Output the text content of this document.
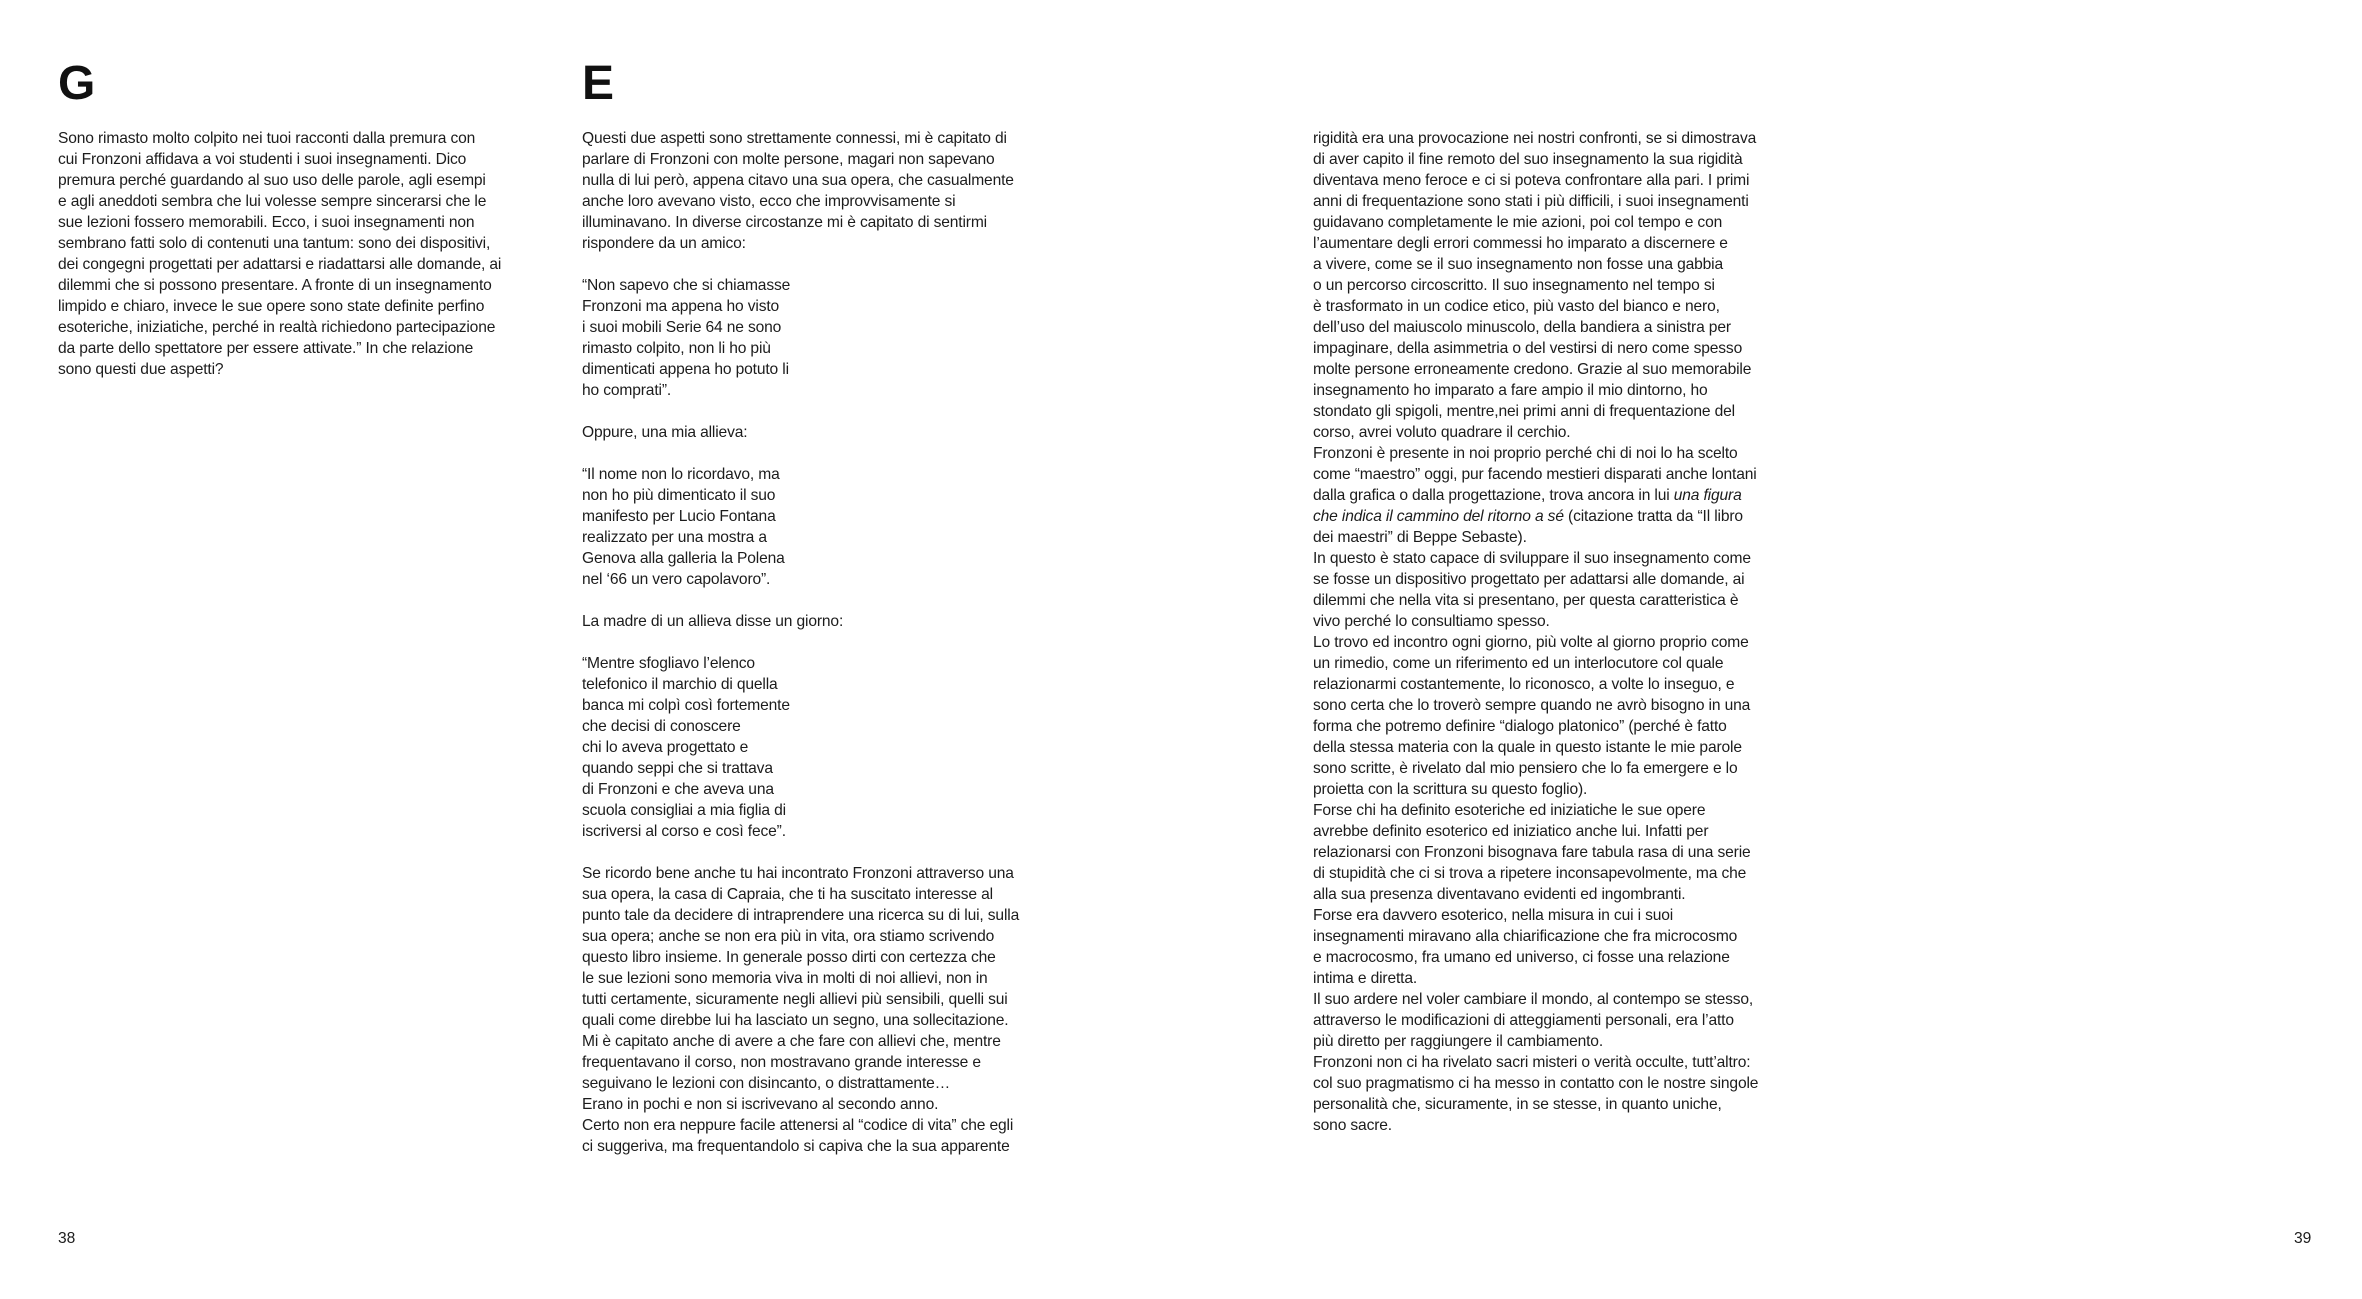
G

Sono rimasto molto colpito nei tuoi racconti dalla premura con

cui Fronzoni affidava a voi studenti i suoi insegnamenti. Dico

premura perché guardando al suo uso delle parole, agli esempi

e agli aneddoti sembra che lui volesse sempre sincerarsi che le

sue lezioni fossero memorabili. Ecco, i suoi insegnamenti non

sembrano fatti solo di contenuti una tantum: sono dei dispositivi,

dei congegni progettati per adattarsi e riadattarsi alle domande, ai

dilemmi che si possono presentare. A fronte di un insegnamento

limpido e chiaro, invece le sue opere sono state definite perfino

esoteriche, iniziatiche, perché in realtà richiedono partecipazione

da parte dello spettatore per essere attivate.” In che relazione

sono questi due aspetti?

38
E

Questi due aspetti sono strettamente connessi, mi è capitato di

parlare di Fronzoni con molte persone, magari non sapevano

nulla di lui però, appena citavo una sua opera, che casualmente

anche loro avevano visto, ecco che improvvisamente si

illuminavano. In diverse circostanze mi è capitato di sentirmi

rispondere da un amico:

“Non sapevo che si chiamasse

Fronzoni ma appena ho visto

i suoi mobili Serie 64 ne sono

rimasto colpito, non li ho più

dimenticati appena ho potuto li

ho comprati”.

Oppure, una mia allieva:

“Il nome non lo ricordavo, ma

non ho più dimenticato il suo

manifesto per Lucio Fontana

realizzato per una mostra a

Genova alla galleria la Polena

nel ‘66 un vero capolavoro”.

La madre di un allieva disse un giorno:

“Mentre sfogliavo l’elenco

telefonico il marchio di quella

banca mi colpì così fortemente

che decisi di conoscere

chi lo aveva progettato e

quando seppi che si trattava

di Fronzoni e che aveva una

scuola consigliai a mia figlia di

iscriversi al corso e così fece”.

Se ricordo bene anche tu hai incontrato Fronzoni attraverso una

sua opera, la casa di Capraia, che ti ha suscitato interesse al

punto tale da decidere di intraprendere una ricerca su di lui, sulla

sua opera; anche se non era più in vita, ora stiamo scrivendo

questo libro insieme. In generale posso dirti con certezza che

le sue lezioni sono memoria viva in molti di noi allievi, non in

tutti certamente, sicuramente negli allievi più sensibili, quelli sui

quali come direbbe lui ha lasciato un segno, una sollecitazione.

Mi è capitato anche di avere a che fare con allievi che, mentre

frequentavano il corso, non mostravano grande interesse e

seguivano le lezioni con disincanto, o distrattamente…

Erano in pochi e non si iscrivevano al secondo anno.

Certo non era neppure facile attenersi al “codice di vita” che egli

ci suggeriva, ma frequentandolo si capiva che la sua apparente

rigidità era una provocazione nei nostri confronti, se si dimostrava

di aver capito il fine remoto del suo insegnamento la sua rigidità

diventava meno feroce e ci si poteva confrontare alla pari. I primi

anni di frequentazione sono stati i più difficili, i suoi insegnamenti

guidavano completamente le mie azioni, poi col tempo e con

l’aumentare degli errori commessi ho imparato a discernere e

a vivere, come se il suo insegnamento non fosse una gabbia

o un percorso circoscritto. Il suo insegnamento nel tempo si

è trasformato in un codice etico, più vasto del bianco e nero,

dell’uso del maiuscolo minuscolo, della bandiera a sinistra per

impaginare, della asimmetria o del vestirsi di nero come spesso

molte persone erroneamente credono. Grazie al suo memorabile

insegnamento ho imparato a fare ampio il mio dintorno, ho

stondato gli spigoli, mentre,nei primi anni di frequentazione del

corso, avrei voluto quadrare il cerchio.

Fronzoni è presente in noi proprio perché chi di noi lo ha scelto

come “maestro” oggi, pur facendo mestieri disparati anche lontani

dalla grafica o dalla progettazione, trova ancora in lui una figura

che indica il cammino del ritorno a sé (citazione tratta da “Il libro

dei maestri” di Beppe Sebaste).

In questo è stato capace di sviluppare il suo insegnamento come

se fosse un dispositivo progettato per adattarsi alle domande, ai

dilemmi che nella vita si presentano, per questa caratteristica è

vivo perché lo consultiamo spesso.

Lo trovo ed incontro ogni giorno, più volte al giorno proprio come

un rimedio, come un riferimento ed un interlocutore col quale

relazionarmi costantemente, lo riconosco, a volte lo inseguo, e

sono certa che lo troverò sempre quando ne avrò bisogno in una

forma che potremo definire “dialogo platonico” (perché è fatto

della stessa materia con la quale in questo istante le mie parole

sono scritte, è rivelato dal mio pensiero che lo fa emergere e lo

proietta con la scrittura su questo foglio).

Forse chi ha definito esoteriche ed iniziatiche le sue opere

avrebbe definito esoterico ed iniziatico anche lui. Infatti per

relazionarsi con Fronzoni bisognava fare tabula rasa di una serie

di stupidità che ci si trova a ripetere inconsapevolmente, ma che

alla sua presenza diventavano evidenti ed ingombranti.

Forse era davvero esoterico, nella misura in cui i suoi

insegnamenti miravano alla chiarificazione che fra microcosmo

e macrocosmo, fra umano ed universo, ci fosse una relazione

intima e diretta.

Il suo ardere nel voler cambiare il mondo, al contempo se stesso,

attraverso le modificazioni di atteggiamenti personali, era l’atto

più diretto per raggiungere il cambiamento.

Fronzoni non ci ha rivelato sacri misteri o verità occulte, tutt’altro:

col suo pragmatismo ci ha messo in contatto con le nostre singole

personalità che, sicuramente, in se stesse, in quanto uniche,

sono sacre.

39
